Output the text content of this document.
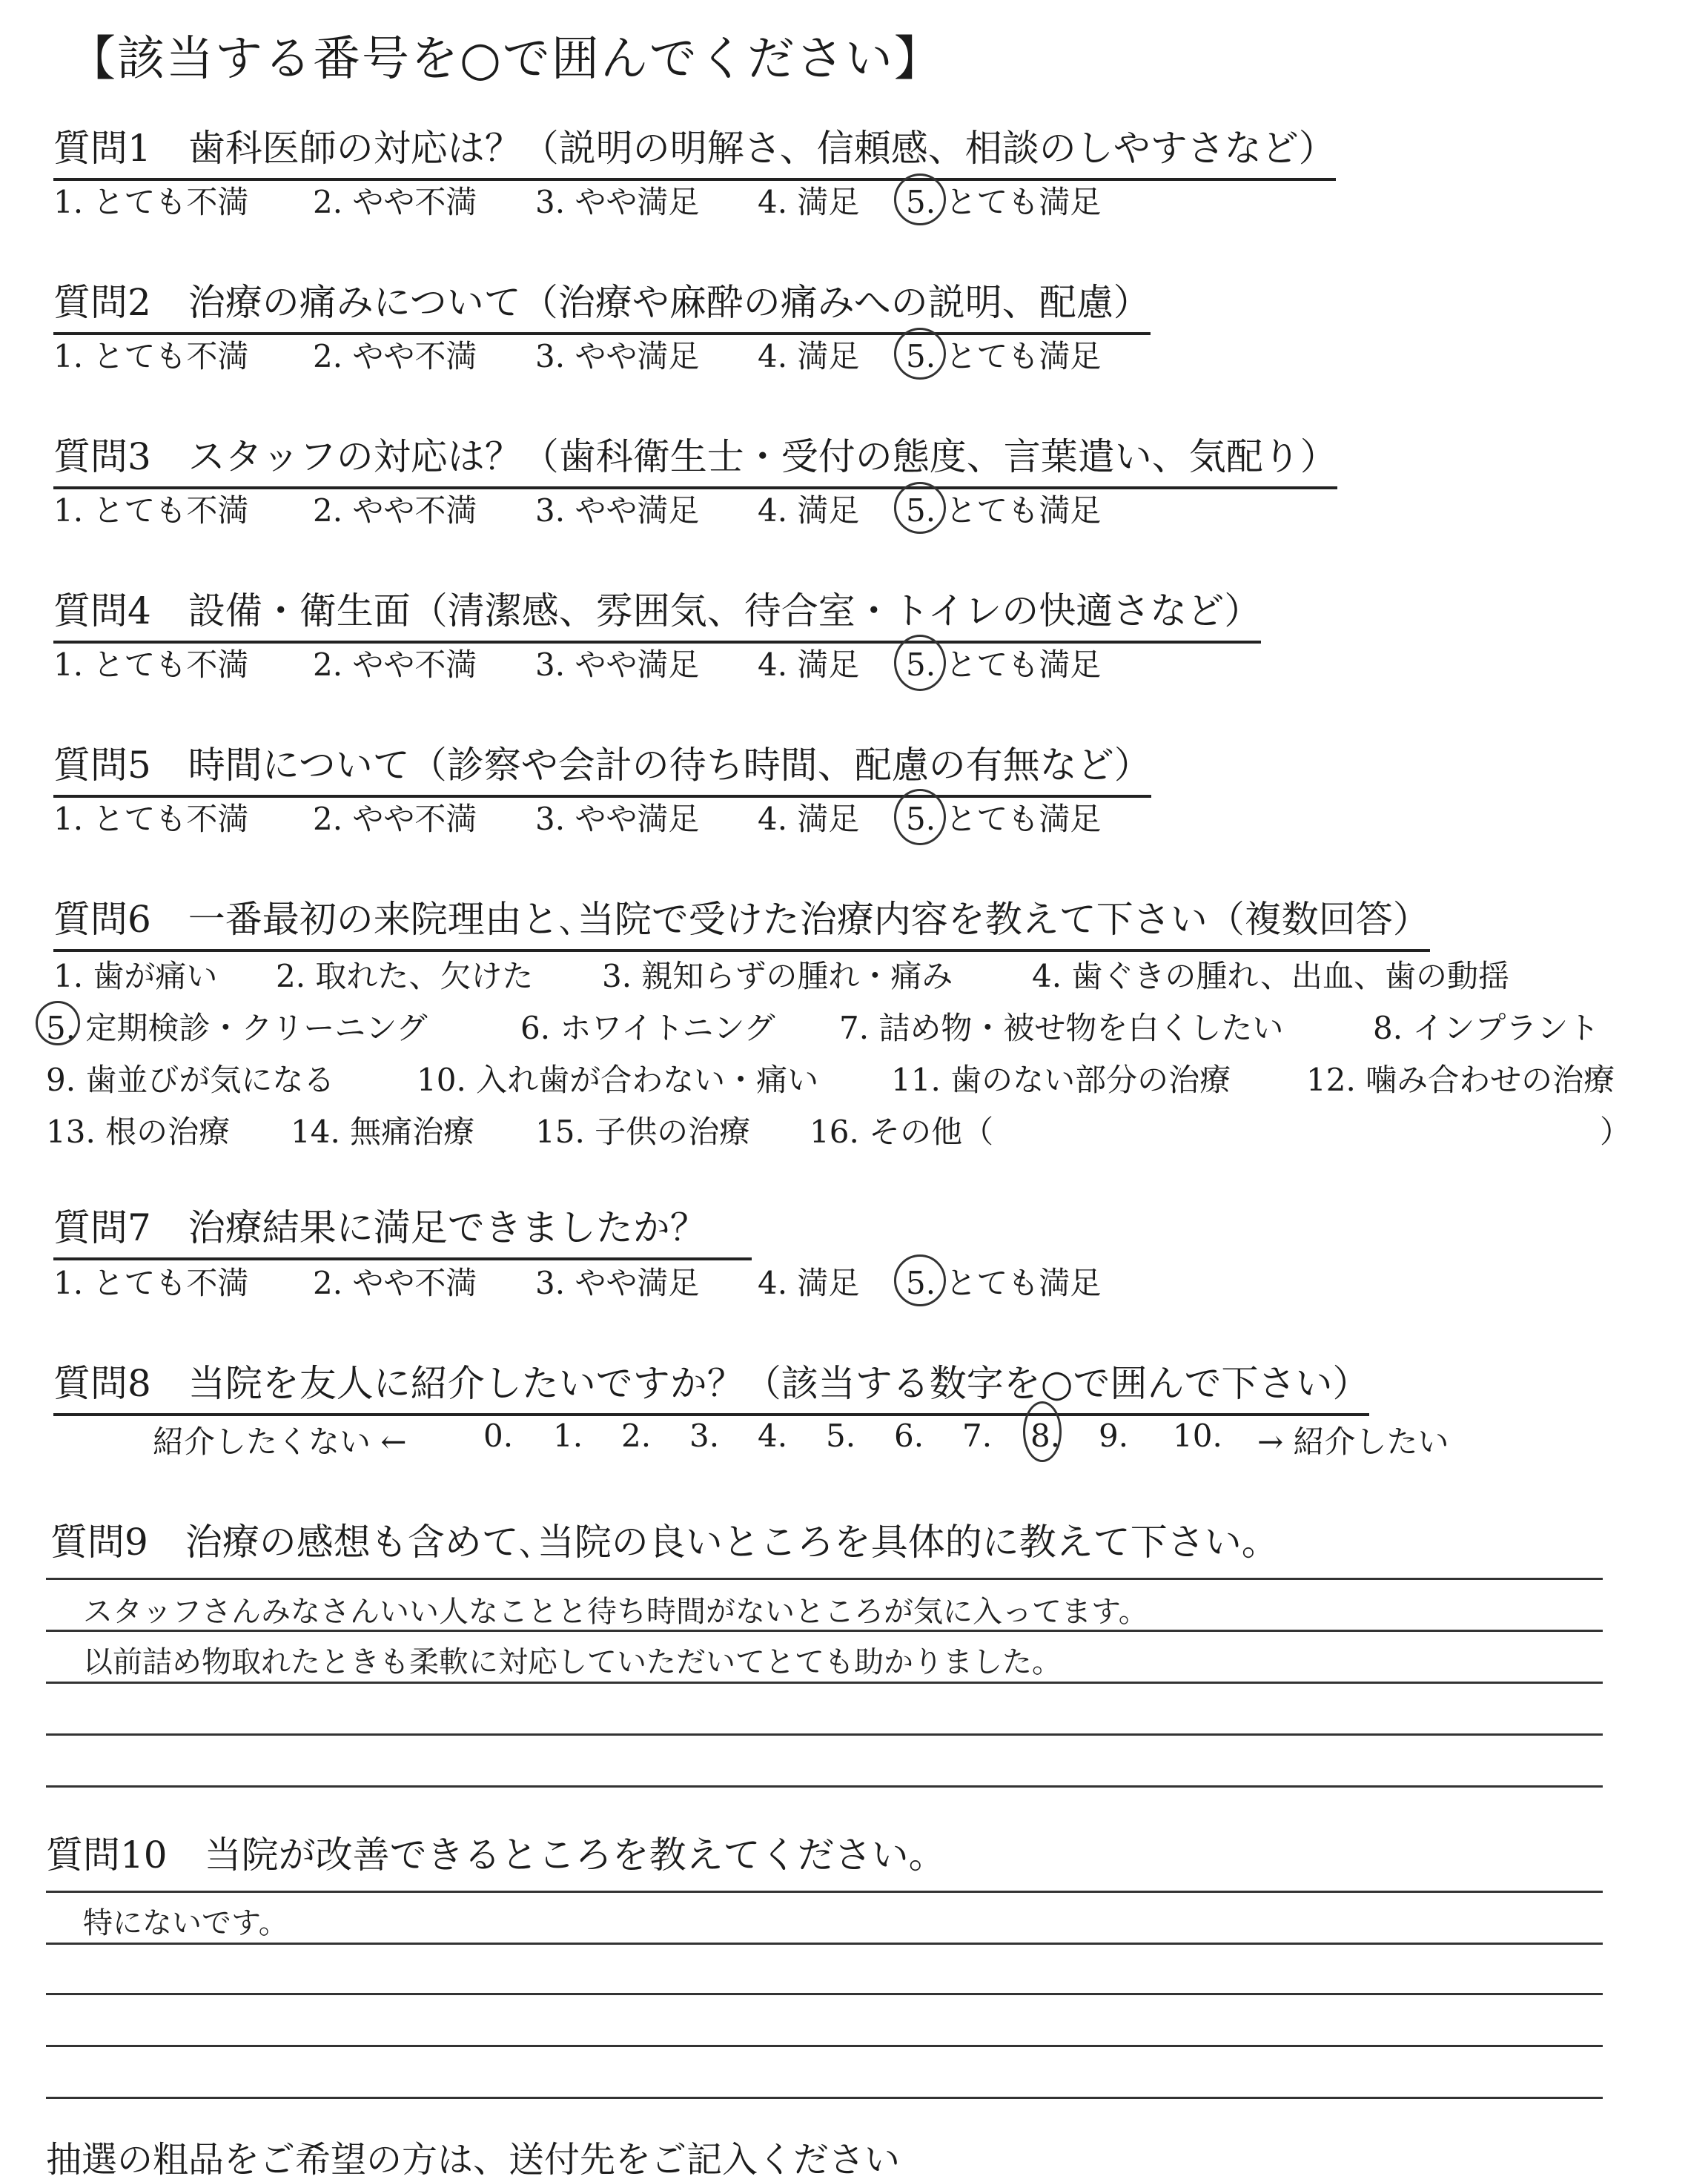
【該当する番号を○で囲んでください】
質問1　歯科医師の対応は？（説明の明解さ、信頼感、相談のしやすさなど）
1. とても不満 2. やや不満 3. やや満足 4. 満足 5. とても満足
質問2　治療の痛みについて（治療や麻酔の痛みへの説明、配慮）
1. とても不満 2. やや不満 3. やや満足 4. 満足 5. とても満足
質問3　スタッフの対応は？（歯科衛生士・受付の態度、言葉遣い、気配り）
1. とても不満 2. やや不満 3. やや満足 4. 満足 5. とても満足
質問4　設備・衛生面（清潔感、雰囲気、待合室・トイレの快適さなど）
1. とても不満 2. やや不満 3. やや満足 4. 満足 5. とても満足
質問5　時間について（診察や会計の待ち時間、配慮の有無など）
1. とても不満 2. やや不満 3. やや満足 4. 満足 5. とても満足
質問6　一番最初の来院理由と､当院で受けた治療内容を教えて下さい（複数回答）
1. 歯が痛い 2. 取れた、欠けた 3. 親知らずの腫れ・痛み	4. 歯ぐきの腫れ、出血、歯の動揺
5. 定期検診・クリーニング	6. ホワイトニング 7. 詰め物・被せ物を白くしたい	8. インプラント
9. 歯並びが気になる	10. 入れ歯が合わない・痛い 11. 歯のない部分の治療 12. 噛み合わせの治療
13. 根の治療 14. 無痛治療 15. 子供の治療 16. その他（	）
質問7　治療結果に満足できましたか？
1. とても不満 2. やや不満 3. やや満足 4. 満足 5. とても満足
質問8　当院を友人に紹介したいですか？（該当する数字を○で囲んで下さい）
紹介したくない ← 0. 1. 2. 3. 4. 5. 6. 7. 8. 9. 10. → 紹介したい
質問9　治療の感想も含めて､当院の良いところを具体的に教えて下さい。
スタッフさんみなさんいい人なことと待ち時間がないところが気に入ってます。
以前詰め物取れたときも柔軟に対応していただいてとても助かりました。
質問10　当院が改善できるところを教えてください。
特にないです。
抽選の粗品をご希望の方は、送付先をご記入ください
